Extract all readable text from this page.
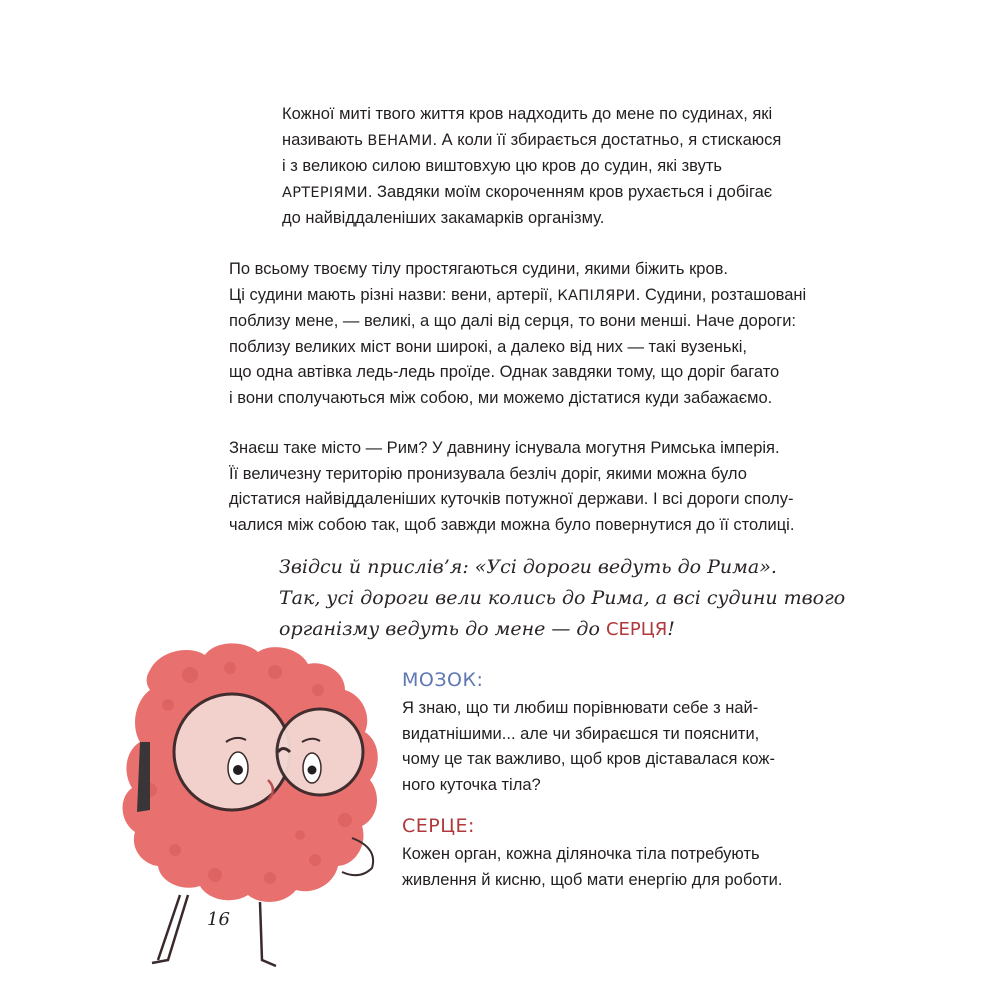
Кожної миті твого життя кров надходить до мене по судинах, які
називають ВЕНАМИ. А коли її збирається достатньо, я стискаюся
і з великою силою виштовхую цю кров до судин, які звуть
АРТЕРІЯМИ. Завдяки моїм скороченням кров рухається і добігає
до найвіддаленіших закамарків організму.
По всьому твоєму тілу простягаються судини, якими біжить кров.
Ці судини мають різні назви: вени, артерії, КАПІЛЯРИ. Судини, розташовані
поблизу мене, — великі, а що далі від серця, то вони менші. Наче дороги:
поблизу великих міст вони широкі, а далеко від них — такі вузенькі,
що одна автівка ледь-ледь проїде. Однак завдяки тому, що доріг багато
і вони сполучаються між собою, ми можемо дістатися куди забажаємо.
Знаєш таке місто — Рим? У давнину існувала могутня Римська імперія.
Її величезну територію пронизувала безліч доріг, якими можна було
дістатися найвіддаленіших куточків потужної держави. І всі дороги сполу-
чалися між собою так, щоб завжди можна було повернутися до її столиці.
Звідси й прислів’я: «Усі дороги ведуть до Рима».
Так, усі дороги вели колись до Рима, а всі судини твого
організму ведуть до мене — до СЕРЦЯ!
МОЗОК:
Я знаю, що ти любиш порівнювати себе з най-
видатнішими... але чи збираєшся ти пояснити,
чому це так важливо, щоб кров діставалася кож-
ного куточка тіла?
СЕРЦЕ:
Кожен орган, кожна діляночка тіла потребують
живлення й кисню, щоб мати енергію для роботи.
16
